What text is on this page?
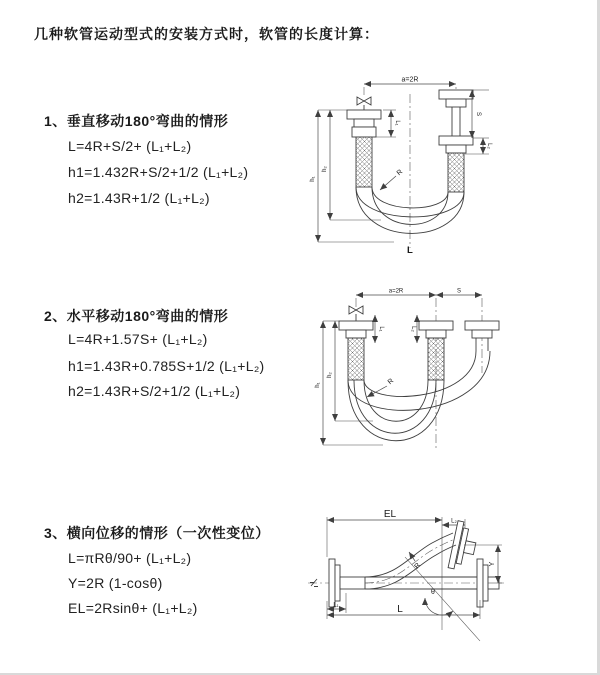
几种软管运动型式的安装方式时，软管的长度计算：
1、垂直移动180°弯曲的情形
L=4R+S/2+ (L₁+L₂)
h1=1.432R+S/2+1/2 (L₁+L₂)
h2=1.43R+1/2 (L₁+L₂)
2、水平移动180°弯曲的情形
L=4R+1.57S+ (L₁+L₂)
h1=1.43R+0.785S+1/2 (L₁+L₂)
h2=1.43R+S/2+1/2 (L₁+L₂)
3、横向位移的情形（一次性变位）
L=πRθ/90+ (L₁+L₂)
Y=2R (1-cosθ)
EL=2Rsinθ+ (L₁+L₂)
a=2R
L₁
S
L₂
h₁
h₂	R
L
a=2R	S
L₁	L₂
h₁
h₂
R
EL
L₂
Y
θ
R
L₁	L
